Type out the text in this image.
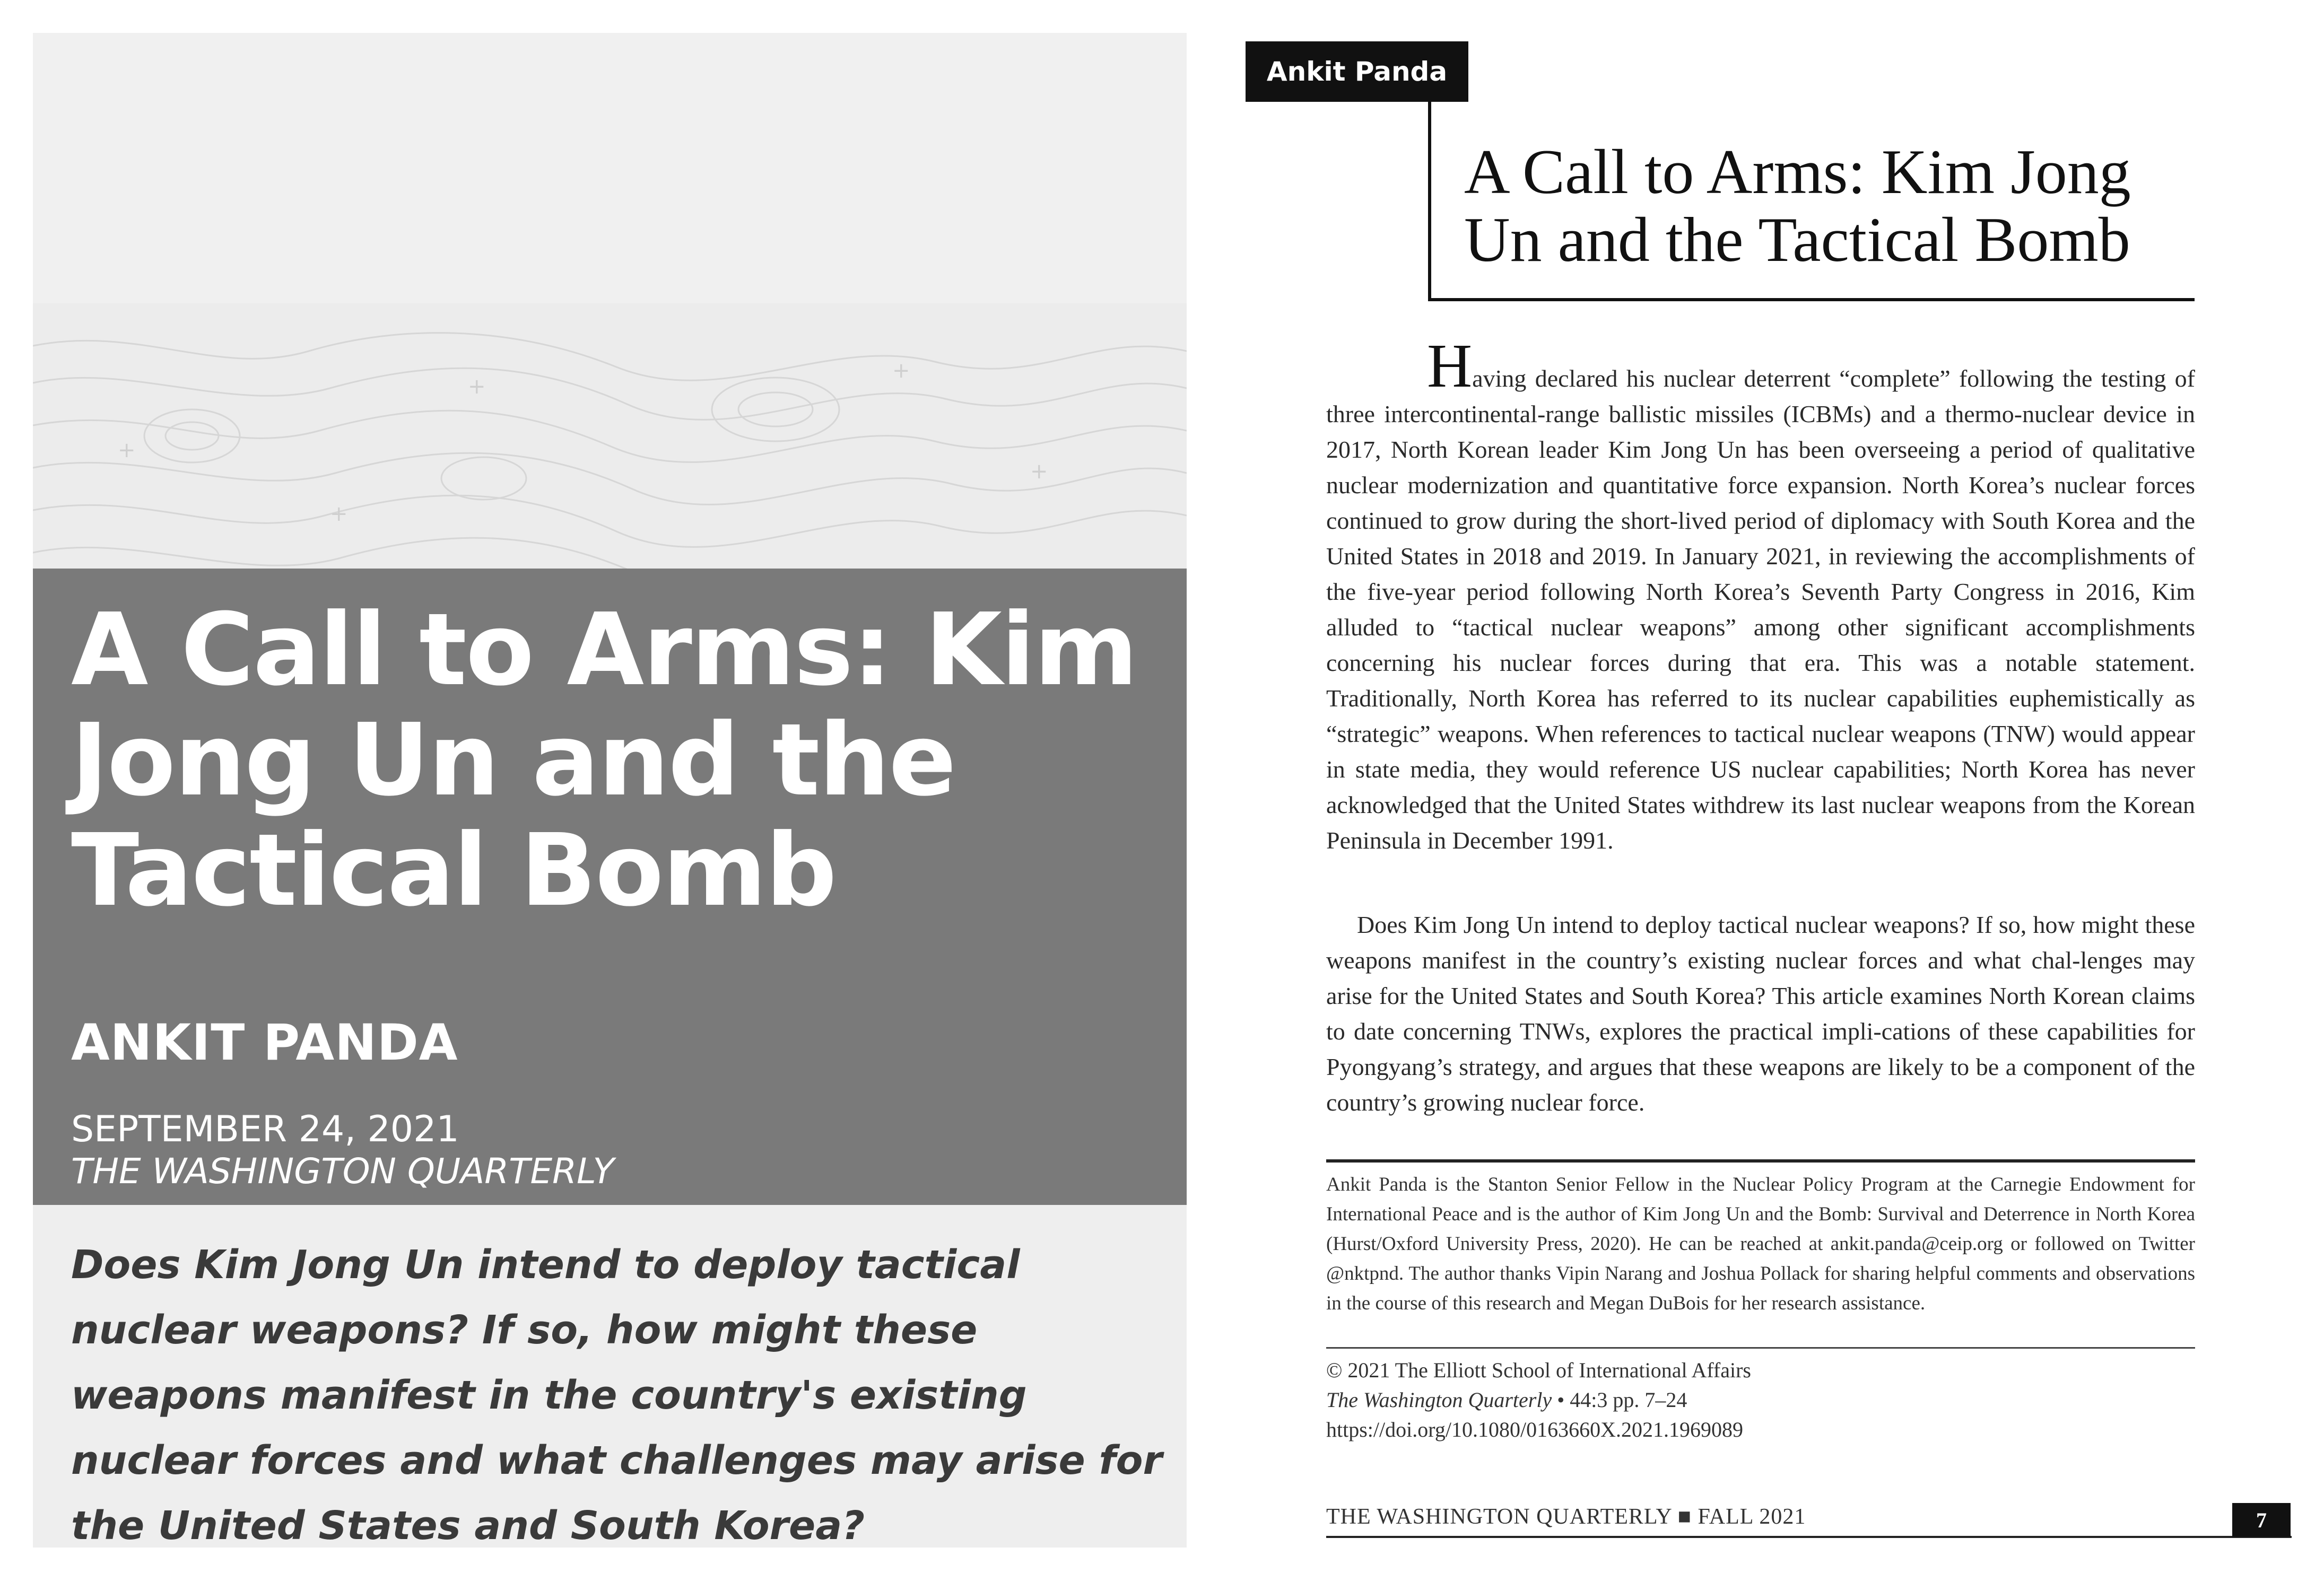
+
+
+
+
+
A Call to Arms: Kim Jong Un and the Tactical Bomb
ANKIT PANDA
SEPTEMBER 24, 2021
THE WASHINGTON QUARTERLY

Does Kim Jong Un intend to deploy tactical nuclear weapons? If so, how might these weapons manifest in the country's existing nuclear forces and what challenges may arise for the United States and South Korea?

Ankit Panda
A Call to Arms: Kim Jong Un and the Tactical Bomb

Having declared his nuclear deterrent “complete” following the testing of three intercontinental-range ballistic missiles (ICBMs) and a thermo-nuclear device in 2017, North Korean leader Kim Jong Un has been overseeing a period of qualitative nuclear modernization and quantitative force expansion. North Korea’s nuclear forces continued to grow during the short-lived period of diplomacy with South Korea and the United States in 2018 and 2019. In January 2021, in reviewing the accomplishments of the five-year period following North Korea’s Seventh Party Congress in 2016, Kim alluded to “tactical nuclear weapons” among other significant accomplishments concerning his nuclear forces during that era. This was a notable statement. Traditionally, North Korea has referred to its nuclear capabilities euphemistically as “strategic” weapons. When references to tactical nuclear weapons (TNW) would appear in state media, they would reference US nuclear capabilities; North Korea has never acknowledged that the United States withdrew its last nuclear weapons from the Korean Peninsula in December 1991.

Does Kim Jong Un intend to deploy tactical nuclear weapons? If so, how might these weapons manifest in the country’s existing nuclear forces and what chal-lenges may arise for the United States and South Korea? This article examines North Korean claims to date concerning TNWs, explores the practical impli-cations of these capabilities for Pyongyang’s strategy, and argues that these weapons are likely to be a component of the country’s growing nuclear force.

Ankit Panda is the Stanton Senior Fellow in the Nuclear Policy Program at the Carnegie Endowment for International Peace and is the author of Kim Jong Un and the Bomb: Survival and Deterrence in North Korea (Hurst/Oxford University Press, 2020). He can be reached at ankit.panda@ceip.org or followed on Twitter @nktpnd. The author thanks Vipin Narang and Joshua Pollack for sharing helpful comments and observations in the course of this research and Megan DuBois for her research assistance.

© 2021 The Elliott School of International Affairs
The Washington Quarterly • 44:3 pp. 7–24
https://doi.org/10.1080/0163660X.2021.1969089
THE WASHINGTON QUARTERLY ■ FALL 2021	7
